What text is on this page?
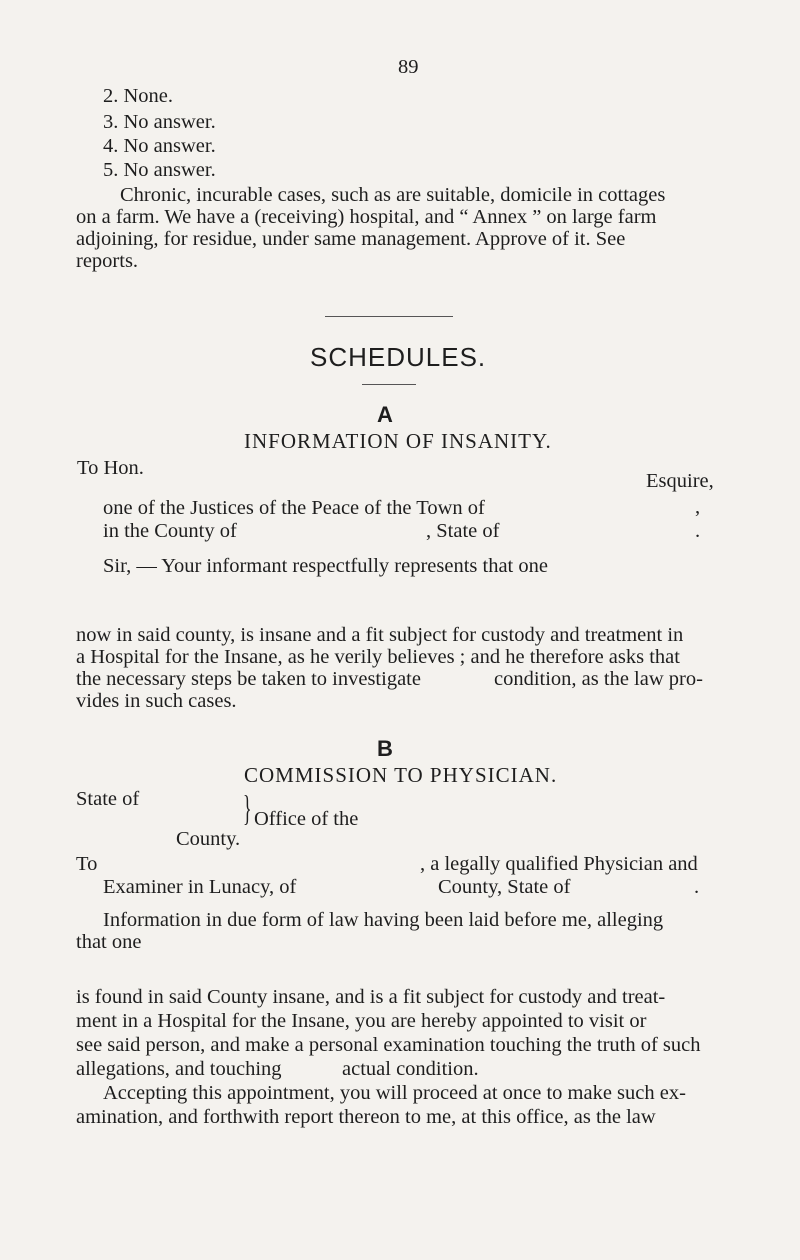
89
2. None.
3. No answer.
4. No answer.
5. No answer.
Chronic, incurable cases, such as are suitable, domicile in cottages
on a farm. We have a (receiving) hospital, and “ Annex ” on large farm
adjoining, for residue, under same management. Approve of it. See
reports.
SCHEDULES.
A
INFORMATION OF INSANITY.
To Hon.
Esquire,
one of the Justices of the Peace of the Town of
in the County of	, State of
,
.
Sir, — Your informant respectfully represents that one
now in said county, is insane and a fit subject for custody and treatment in
a Hospital for the Insane, as he verily believes ; and he therefore asks that
the necessary steps be taken to investigate	condition, as the law pro-
vides in such cases.
B
COMMISSION TO PHYSICIAN.
State of	} Office of the
County.
To	, a legally qualified Physician and
Examiner in Lunacy, of	County, State of	.
Information in due form of law having been laid before me, alleging
that one
is found in said County insane, and is a fit subject for custody and treat-
ment in a Hospital for the Insane, you are hereby appointed to visit or
see said person, and make a personal examination touching the truth of such
allegations, and touching	actual condition.
Accepting this appointment, you will proceed at once to make such ex-
amination, and forthwith report thereon to me, at this office, as the law
